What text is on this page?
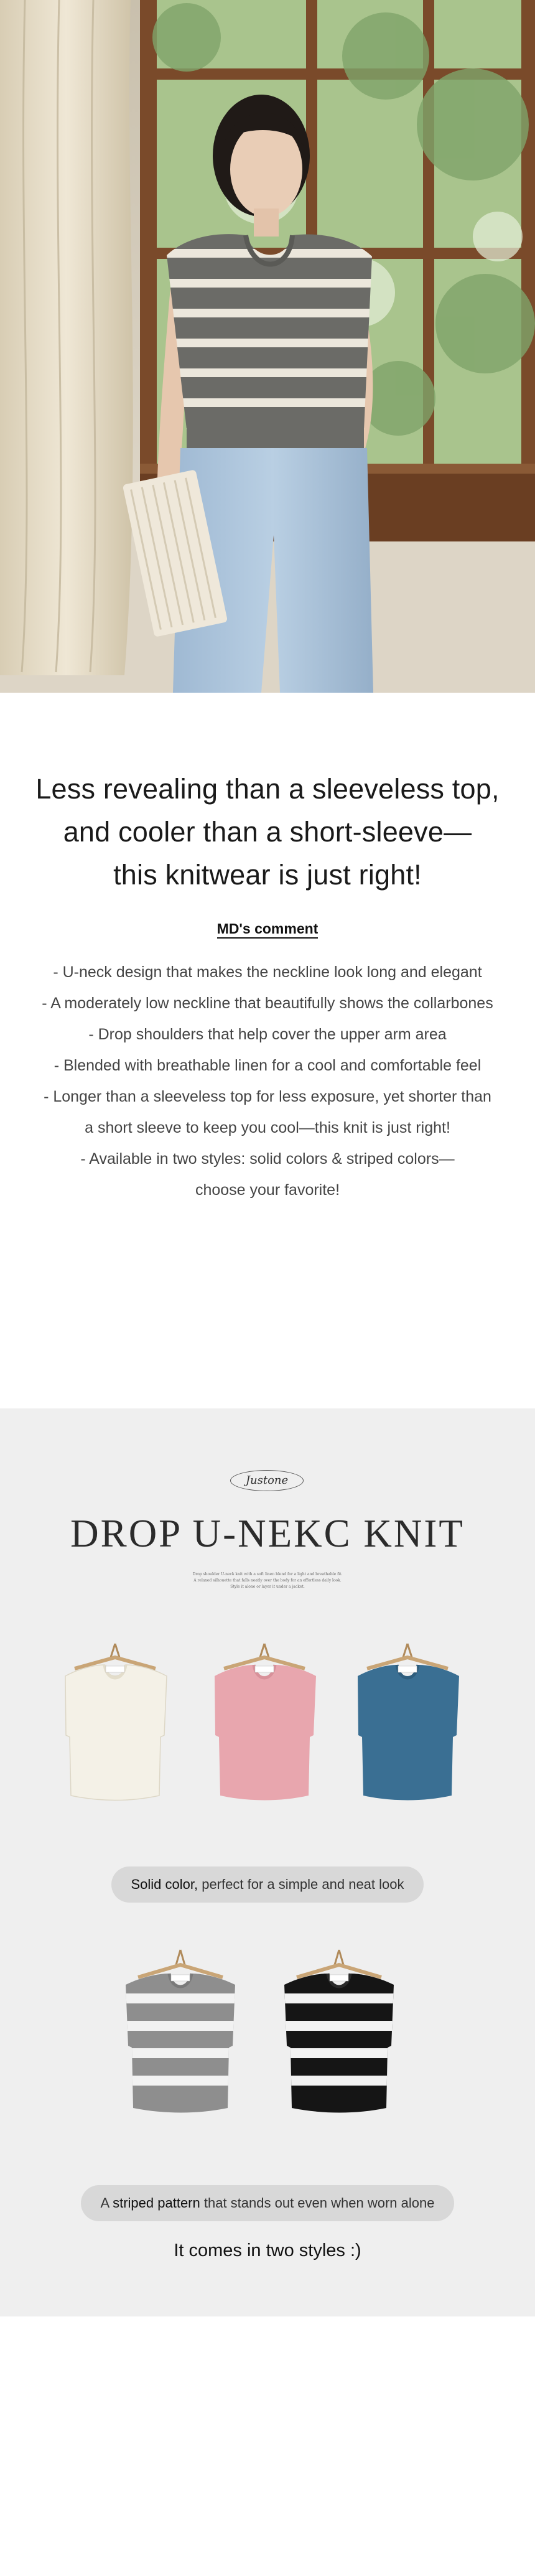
Less revealing than a sleeveless top,
and cooler than a short-sleeve—
this knitwear is just right!
MD's comment
- U-neck design that makes the neckline look long and elegant
- A moderately low neckline that beautifully shows the collarbones
- Drop shoulders that help cover the upper arm area
- Blended with breathable linen for a cool and comfortable feel
- Longer than a sleeveless top for less exposure, yet shorter than
a short sleeve to keep you cool—this knit is just right!
- Available in two styles: solid colors & striped colors—
choose your favorite!
Justone
DROP U-NEKC KNIT
Drop shoulder U-neck knit with a soft linen blend for a light and breathable fit.
A relaxed silhouette that falls neatly over the body for an effortless daily look.
Style it alone or layer it under a jacket.
Solid color, perfect for a simple and neat look
A striped pattern that stands out even when worn alone
It comes in two styles :)
